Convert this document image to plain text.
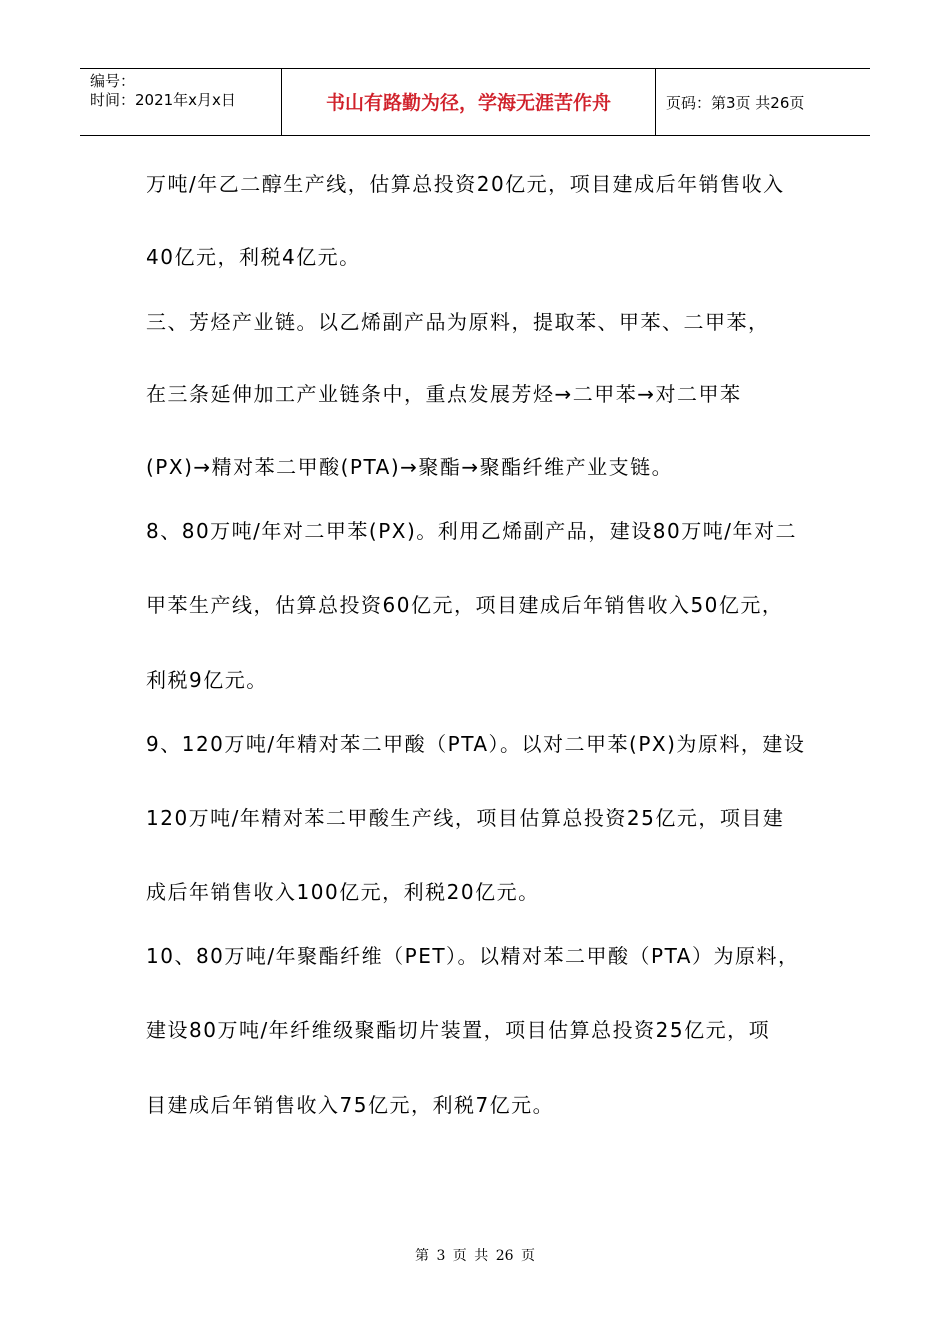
编号：
时间：2021年x月x日	书山有路勤为径，学海无涯苦作舟	页码：第3页 共26页
万吨/年乙二醇生产线，估算总投资20亿元，项目建成后年销售收入
40亿元，利税4亿元。
三、芳烃产业链。以乙烯副产品为原料，提取苯、甲苯、二甲苯，
在三条延伸加工产业链条中，重点发展芳烃→二甲苯→对二甲苯
(PX)→精对苯二甲酸(PTA)→聚酯→聚酯纤维产业支链。
8、80万吨/年对二甲苯(PX)。利用乙烯副产品，建设80万吨/年对二
甲苯生产线，估算总投资60亿元，项目建成后年销售收入50亿元，
利税9亿元。
9、120万吨/年精对苯二甲酸（PTA）。以对二甲苯(PX)为原料，建设
120万吨/年精对苯二甲酸生产线，项目估算总投资25亿元，项目建
成后年销售收入100亿元，利税20亿元。
10、80万吨/年聚酯纤维（PET）。以精对苯二甲酸（PTA）为原料，
建设80万吨/年纤维级聚酯切片装置，项目估算总投资25亿元，项
目建成后年销售收入75亿元，利税7亿元。
第 3 页 共 26 页
